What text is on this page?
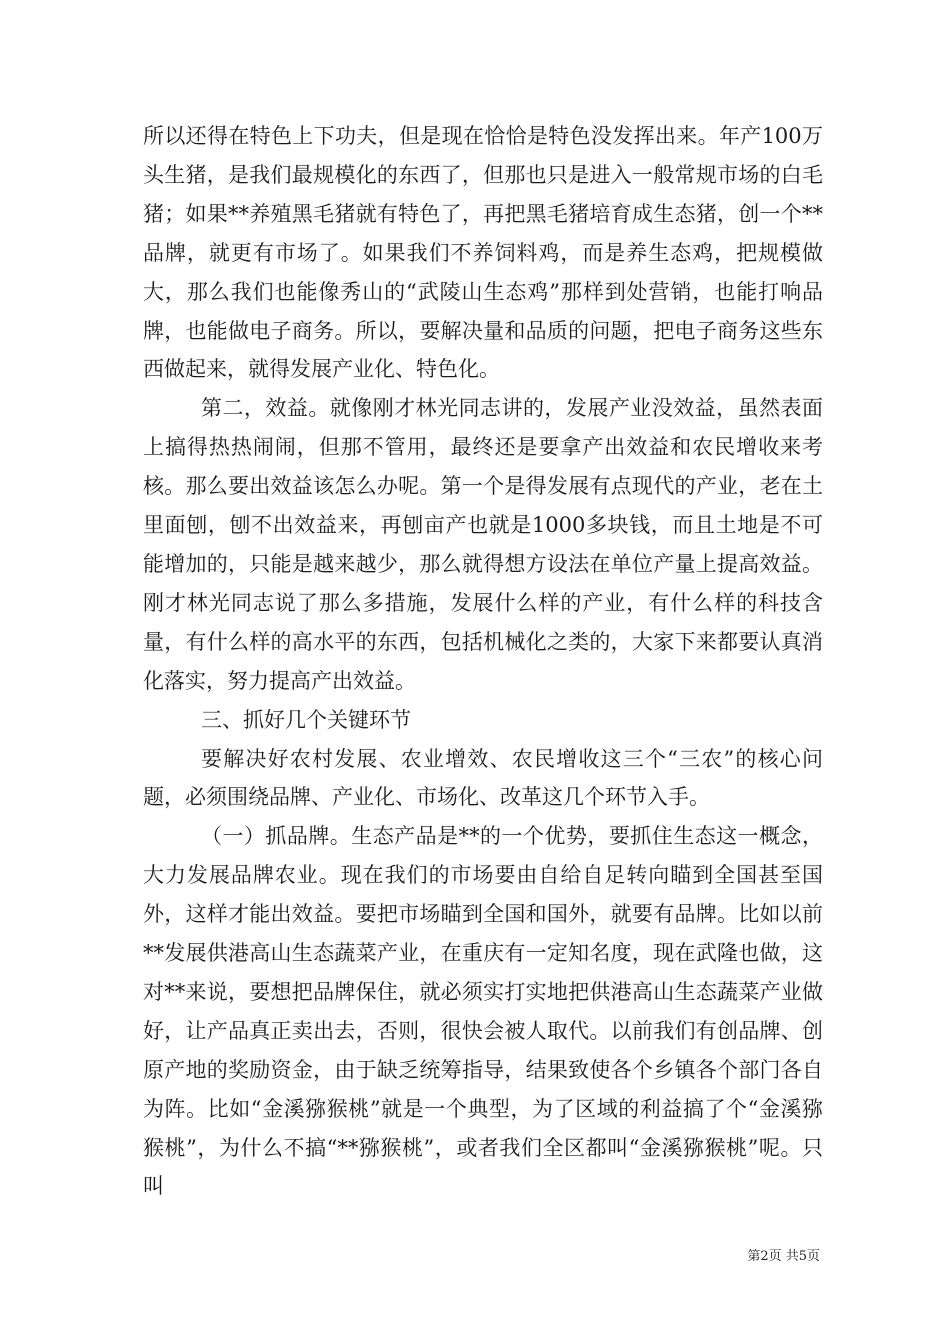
所以还得在特色上下功夫，但是现在恰恰是特色没发挥出来。年产100万头生猪，是我们最规模化的东西了，但那也只是进入一般常规市场的白毛猪；如果**养殖黑毛猪就有特色了，再把黑毛猪培育成生态猪，创一个**品牌，就更有市场了。如果我们不养饲料鸡，而是养生态鸡，把规模做大，那么我们也能像秀山的“武陵山生态鸡”那样到处营销，也能打响品牌，也能做电子商务。所以，要解决量和品质的问题，把电子商务这些东西做起来，就得发展产业化、特色化。

第二，效益。就像刚才林光同志讲的，发展产业没效益，虽然表面上搞得热热闹闹，但那不管用，最终还是要拿产出效益和农民增收来考核。那么要出效益该怎么办呢。第一个是得发展有点现代的产业，老在土里面刨，刨不出效益来，再刨亩产也就是1000多块钱，而且土地是不可能增加的，只能是越来越少，那么就得想方设法在单位产量上提高效益。刚才林光同志说了那么多措施，发展什么样的产业，有什么样的科技含量，有什么样的高水平的东西，包括机械化之类的，大家下来都要认真消化落实，努力提高产出效益。

三、抓好几个关键环节

要解决好农村发展、农业增效、农民增收这三个“三农”的核心问题，必须围绕品牌、产业化、市场化、改革这几个环节入手。

（一）抓品牌。生态产品是**的一个优势，要抓住生态这一概念，大力发展品牌农业。现在我们的市场要由自给自足转向瞄到全国甚至国外，这样才能出效益。要把市场瞄到全国和国外，就要有品牌。比如以前**发展供港高山生态蔬菜产业，在重庆有一定知名度，现在武隆也做，这对**来说，要想把品牌保住，就必须实打实地把供港高山生态蔬菜产业做好，让产品真正卖出去，否则，很快会被人取代。以前我们有创品牌、创原产地的奖励资金，由于缺乏统筹指导，结果致使各个乡镇各个部门各自为阵。比如“金溪猕猴桃”就是一个典型，为了区域的利益搞了个“金溪猕猴桃”，为什么不搞“**猕猴桃”，或者我们全区都叫“金溪猕猴桃”呢。只叫

第2页 共5页
